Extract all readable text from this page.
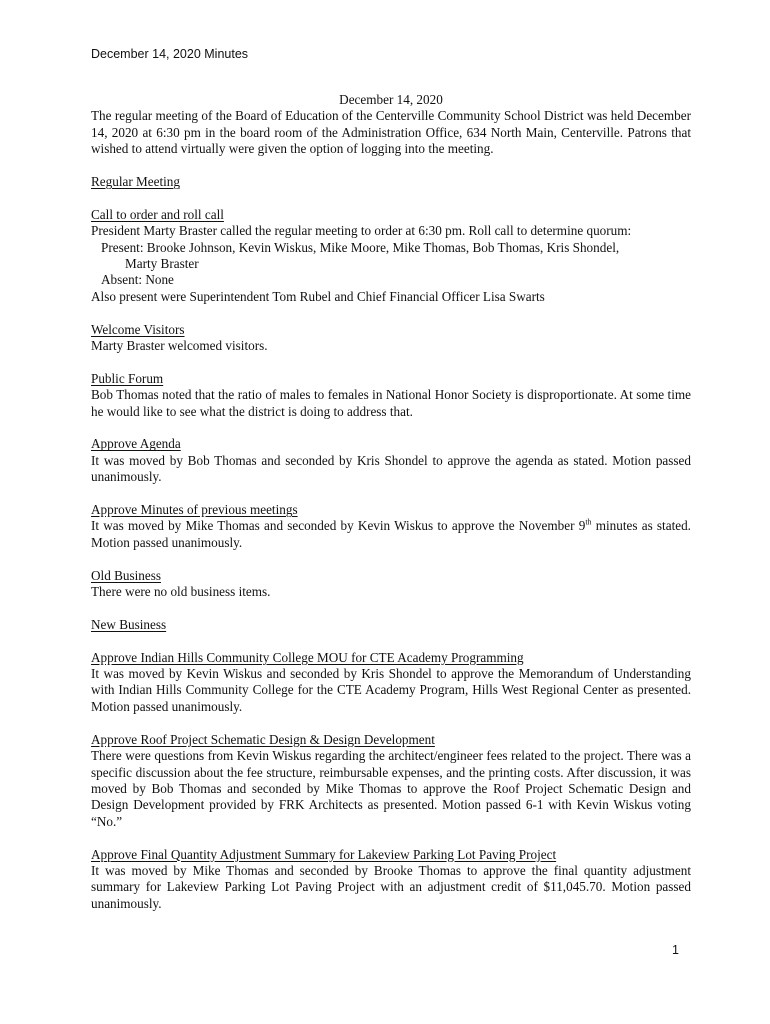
December 14, 2020 Minutes
December 14, 2020
The regular meeting of the Board of Education of the Centerville Community School District was held December 14, 2020 at 6:30 pm in the board room of the Administration Office, 634 North Main, Centerville. Patrons that wished to attend virtually were given the option of logging into the meeting.
Regular Meeting
Call to order and roll call
President Marty Braster called the regular meeting to order at 6:30 pm. Roll call to determine quorum:
Present: Brooke Johnson, Kevin Wiskus, Mike Moore, Mike Thomas, Bob Thomas, Kris Shondel,
Marty Braster
Absent: None
Also present were Superintendent Tom Rubel and Chief Financial Officer Lisa Swarts
Welcome Visitors
Marty Braster welcomed visitors.
Public Forum
Bob Thomas noted that the ratio of males to females in National Honor Society is disproportionate. At some time he would like to see what the district is doing to address that.
Approve Agenda
It was moved by Bob Thomas and seconded by Kris Shondel to approve the agenda as stated. Motion passed unanimously.
Approve Minutes of previous meetings
It was moved by Mike Thomas and seconded by Kevin Wiskus to approve the November 9th minutes as stated. Motion passed unanimously.
Old Business
There were no old business items.
New Business
Approve Indian Hills Community College MOU for CTE Academy Programming
It was moved by Kevin Wiskus and seconded by Kris Shondel to approve the Memorandum of Understanding with Indian Hills Community College for the CTE Academy Program, Hills West Regional Center as presented. Motion passed unanimously.
Approve Roof Project Schematic Design & Design Development
There were questions from Kevin Wiskus regarding the architect/engineer fees related to the project. There was a specific discussion about the fee structure, reimbursable expenses, and the printing costs. After discussion, it was moved by Bob Thomas and seconded by Mike Thomas to approve the Roof Project Schematic Design and Design Development provided by FRK Architects as presented. Motion passed 6-1 with Kevin Wiskus voting “No.”
Approve Final Quantity Adjustment Summary for Lakeview Parking Lot Paving Project
It was moved by Mike Thomas and seconded by Brooke Thomas to approve the final quantity adjustment summary for Lakeview Parking Lot Paving Project with an adjustment credit of $11,045.70. Motion passed unanimously.
1
